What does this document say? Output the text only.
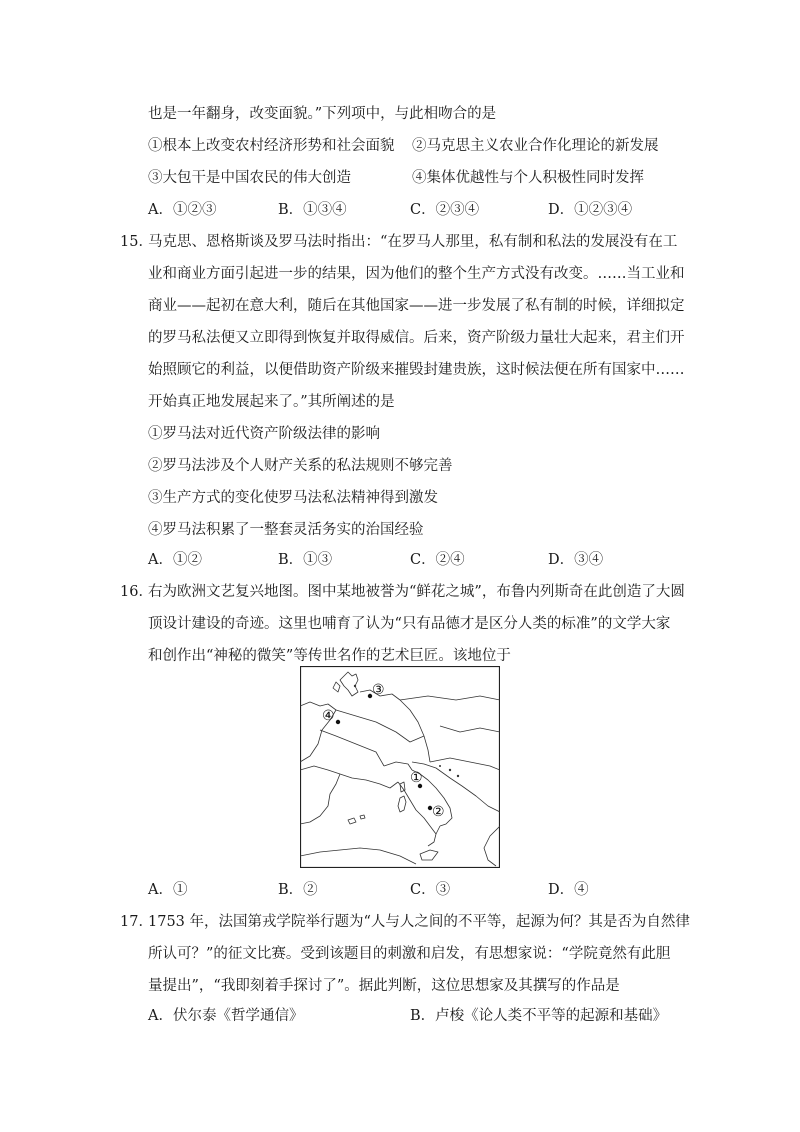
也是一年翻身，改变面貌。”下列项中，与此相吻合的是
①根本上改变农村经济形势和社会面貌 ②马克思主义农业合作化理论的新发展
③大包干是中国农民的伟大创造	④集体优越性与个人积极性同时发挥
A．①②③	B．①③④	C．②③④	D．①②③④
15．
马克思、恩格斯谈及罗马法时指出：“在罗马人那里，私有制和私法的发展没有在工
业和商业方面引起进一步的结果，因为他们的整个生产方式没有改变。……当工业和
商业——起初在意大利，随后在其他国家——进一步发展了私有制的时候，详细拟定
的罗马私法便又立即得到恢复并取得威信。后来，资产阶级力量壮大起来，君主们开
始照顾它的利益，以便借助资产阶级来摧毁封建贵族，这时候法便在所有国家中……
开始真正地发展起来了。”其所阐述的是
①罗马法对近代资产阶级法律的影响
②罗马法涉及个人财产关系的私法规则不够完善
③生产方式的变化使罗马法私法精神得到激发
④罗马法积累了一整套灵活务实的治国经验
A．①②	B．①③	C．②④	D．③④
16．
右为欧洲文艺复兴地图。图中某地被誉为“鲜花之城”，布鲁内列斯奇在此创造了大圆
顶设计建设的奇迹。这里也哺育了认为“只有品德才是区分人类的标准”的文学大家
和创作出“神秘的微笑”等传世名作的艺术巨匠。该地位于
①
②
③
④
A．①	B．②	C．③	D．④
17．
1753 年，法国第戎学院举行题为“人与人之间的不平等，起源为何？其是否为自然律
所认可？”的征文比赛。受到该题目的刺激和启发，有思想家说：“学院竟然有此胆
量提出”，“我即刻着手探讨了”。据此判断，这位思想家及其撰写的作品是
A．伏尔泰《哲学通信》	B．卢梭《论人类不平等的起源和基础》
